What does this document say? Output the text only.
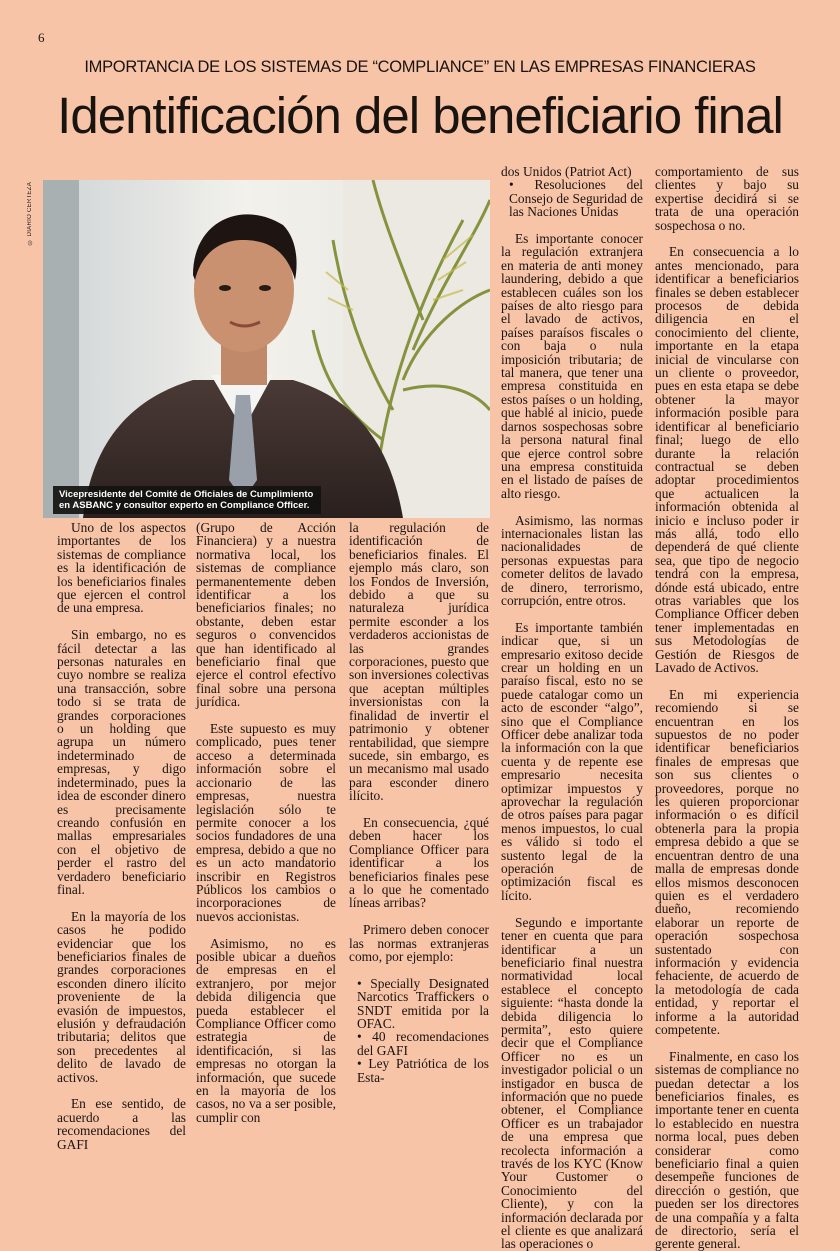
6
IMPORTANCIA DE LOS SISTEMAS DE “COMPLIANCE” EN LAS EMPRESAS FINANCIERAS
Identificación del beneficiario final
© DIARIO CERTEZA
Vicepresidente del Comité de Oficiales de Cumplimiento
en ASBANC y consultor experto en Compliance Officer.

Uno de los aspectos importantes de los sistemas de compliance es la identificación de los beneficiarios finales que ejercen el control de una empresa.

Sin embargo, no es fácil detectar a las personas naturales en cuyo nombre se realiza una transacción, sobre todo si se trata de grandes corporaciones o un holding que agrupa un número indeterminado de empresas, y digo indeterminado, pues la idea de esconder dinero es precisamente creando confusión en mallas empresariales con el objetivo de perder el rastro del verdadero beneficiario final.

En la mayoría de los casos he podido evidenciar que los beneficiarios finales de grandes corporaciones esconden dinero ilícito proveniente de la evasión de impuestos, elusión y defraudación tributaria; delitos que son precedentes al delito de lavado de activos.

En ese sentido, de acuerdo a las recomendaciones del GAFI

(Grupo de Acción Financiera) y a nuestra normativa local, los sistemas de compliance permanentemente deben identificar a los beneficiarios finales; no obstante, deben estar seguros o convencidos que han identificado al beneficiario final que ejerce el control efectivo final sobre una persona jurídica.

Este supuesto es muy complicado, pues tener acceso a determinada información sobre el accionario de las empresas, nuestra legislación sólo te permite conocer a los socios fundadores de una empresa, debido a que no es un acto mandatorio inscribir en Registros Públicos los cambios o incorporaciones de nuevos accionistas.

Asimismo, no es posible ubicar a dueños de empresas en el extranjero, por mejor debida diligencia que pueda establecer el Compliance Officer como estrategia de identificación, si las empresas no otorgan la información, que sucede en la mayoría de los casos, no va a ser posible, cumplir con

la regulación de identificación de beneficiarios finales. El ejemplo más claro, son los Fondos de Inversión, debido a que su naturaleza jurídica permite esconder a los verdaderos accionistas de las grandes corporaciones, puesto que son inversiones colectivas que aceptan múltiples inversionistas con la finalidad de invertir el patrimonio y obtener rentabilidad, que siempre sucede, sin embargo, es un mecanismo mal usado para esconder dinero ilícito.

En consecuencia, ¿qué deben hacer los Compliance Officer para identificar a los beneficiarios finales pese a lo que he comentado líneas arribas?

Primero deben conocer las normas extranjeras como, por ejemplo:

• Specially Designated Narcotics Traffickers o SNDT emitida por la OFAC.

• 40 recomendaciones del GAFI

• Ley Patriótica de los Esta-

dos Unidos (Patriot Act)

• Resoluciones del Consejo de Seguridad de las Naciones Unidas

Es importante conocer la regulación extranjera en materia de anti money laundering, debido a que establecen cuáles son los países de alto riesgo para el lavado de activos, países paraísos fiscales o con baja o nula imposición tributaria; de tal manera, que tener una empresa constituida en estos países o un holding, que hablé al inicio, puede darnos sospechosas sobre la persona natural final que ejerce control sobre una empresa constituida en el listado de países de alto riesgo.

Asimismo, las normas internacionales listan las nacionalidades de personas expuestas para cometer delitos de lavado de dinero, terrorismo, corrupción, entre otros.

Es importante también indicar que, si un empresario exitoso decide crear un holding en un paraíso fiscal, esto no se puede catalogar como un acto de esconder “algo”, sino que el Compliance Officer debe analizar toda la información con la que cuenta y de repente ese empresario necesita optimizar impuestos y aprovechar la regulación de otros países para pagar menos impuestos, lo cual es válido si todo el sustento legal de la operación de optimización fiscal es lícito.

Segundo e importante tener en cuenta que para identificar a un beneficiario final nuestra normatividad local establece el concepto siguiente: “hasta donde la debida diligencia lo permita”, esto quiere decir que el Compliance Officer no es un investigador policial o un instigador en busca de información que no puede obtener, el Compliance Officer es un trabajador de una empresa que recolecta información a través de los KYC (Know Your Customer o Conocimiento del Cliente), y con la información declarada por el cliente es que analizará las operaciones o

comportamiento de sus clientes y bajo su expertise decidirá si se trata de una operación sospechosa o no.

En consecuencia a lo antes mencionado, para identificar a beneficiarios finales se deben establecer procesos de debida diligencia en el conocimiento del cliente, importante en la etapa inicial de vincularse con un cliente o proveedor, pues en esta etapa se debe obtener la mayor información posible para identificar al beneficiario final; luego de ello durante la relación contractual se deben adoptar procedimientos que actualicen la información obtenida al inicio e incluso poder ir más allá, todo ello dependerá de qué cliente sea, que tipo de negocio tendrá con la empresa, dónde está ubicado, entre otras variables que los Compliance Officer deben tener implementadas en sus Metodologías de Gestión de Riesgos de Lavado de Activos.

En mi experiencia recomiendo si se encuentran en los supuestos de no poder identificar beneficiarios finales de empresas que son sus clientes o proveedores, porque no les quieren proporcionar información o es difícil obtenerla para la propia empresa debido a que se encuentran dentro de una malla de empresas donde ellos mismos desconocen quien es el verdadero dueño, recomiendo elaborar un reporte de operación sospechosa sustentado con información y evidencia fehaciente, de acuerdo de la metodología de cada entidad, y reportar el informe a la autoridad competente.

Finalmente, en caso los sistemas de compliance no puedan detectar a los beneficiarios finales, es importante tener en cuenta lo establecido en nuestra norma local, pues deben considerar como beneficiario final a quien desempeñe funciones de dirección o gestión, que pueden ser los directores de una compañía y a falta de directorio, sería el gerente general.
